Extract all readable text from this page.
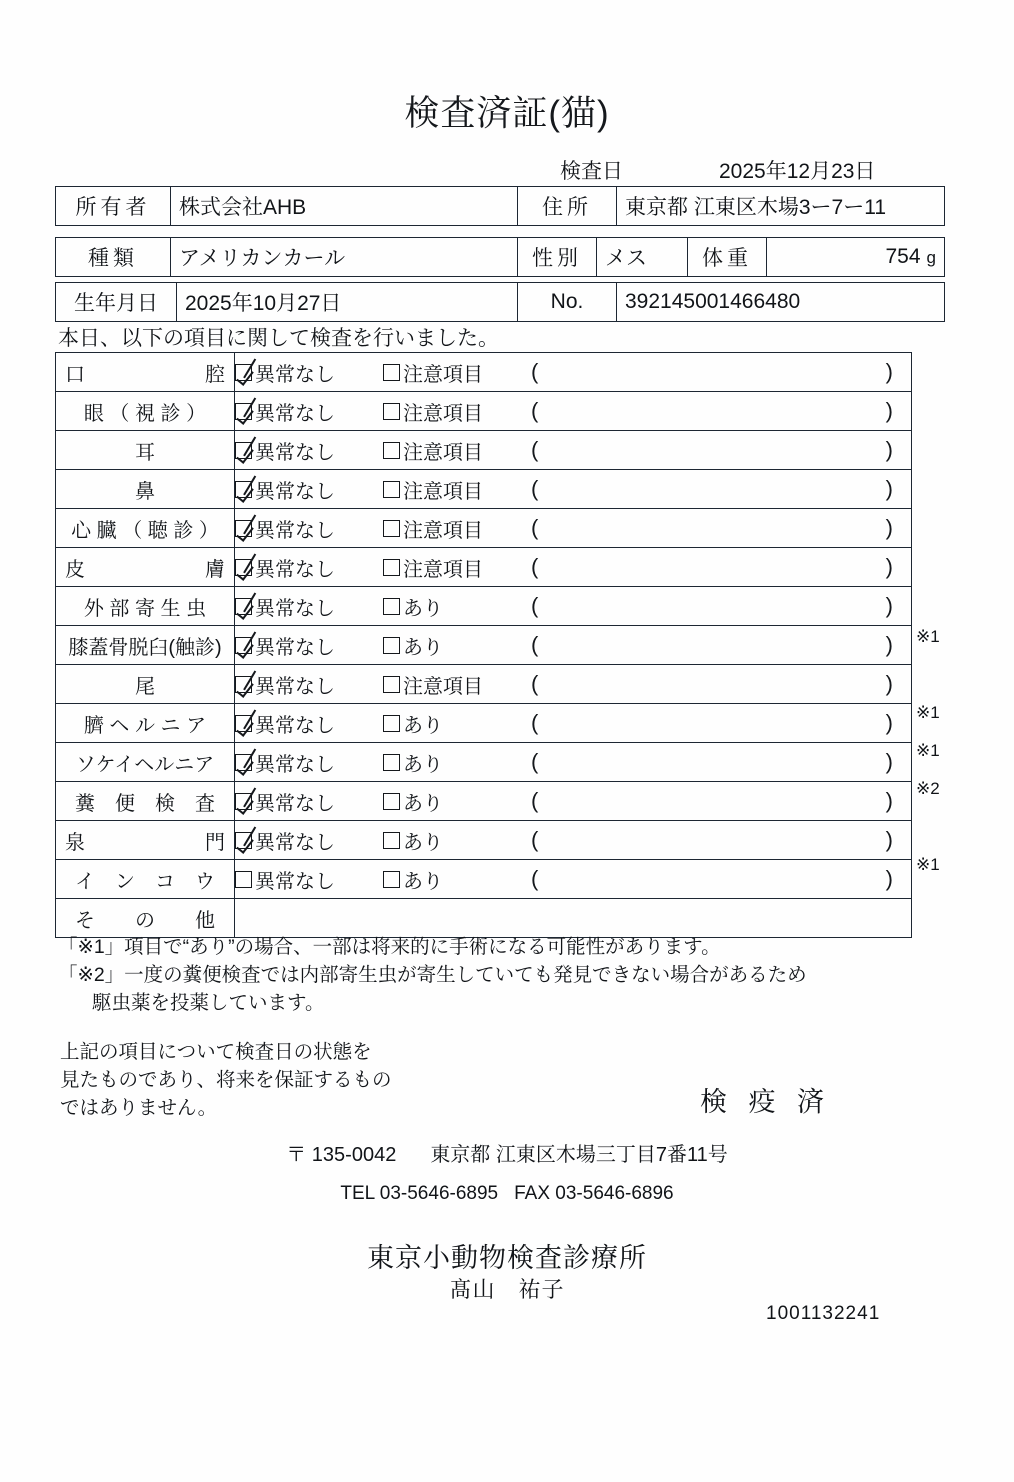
検査済証(猫)
検査日	2025年12月23日
所有者	株式会社AHB	住所	東京都 江東区木場3ー7ー11
種類	アメリカンカール	性別	メス	体重	754 g
生年月日	2025年10月27日	No.	392145001466480
本日、以下の項目に関して検査を行いました。
口　　　　　　腔	異常なし 注意項目 ( )

眼 （ 視 診 ）	異常なし 注意項目 ( )

耳	異常なし 注意項目 ( )

鼻	異常なし 注意項目 ( )

心 臓 （ 聴 診 ）	異常なし 注意項目 ( )

皮　　　　　　膚	異常なし 注意項目 ( )

外 部 寄 生 虫	異常なし あり ( )

膝蓋骨脱臼(触診)	異常なし あり ( )

尾	異常なし 注意項目 ( )

臍 ヘ ル ニ ア	異常なし あり ( )

ソケイヘルニア	異常なし あり ( )

糞　便　検　査	異常なし あり ( )

泉　　　　　　門	異常なし あり ( )

イ　ン　コ　ウ	異常なし あり ( )

そ　　の　　他	
※1
※1
※1
※2
※1
「※1」項目で“あり”の場合、一部は将来的に手術になる可能性があります。
「※2」一度の糞便検査では内部寄生虫が寄生していても発見できない場合があるため
駆虫薬を投薬しています。
上記の項目について検査日の状態を
見たものであり、将来を保証するもの
ではありません。	検 疫 済
〒 135-0042 東京都 江東区木場三丁目7番11号
TEL 03-5646-6895 FAX 03-5646-6896
東京小動物検査診療所
髙山　祐子
1001132241
